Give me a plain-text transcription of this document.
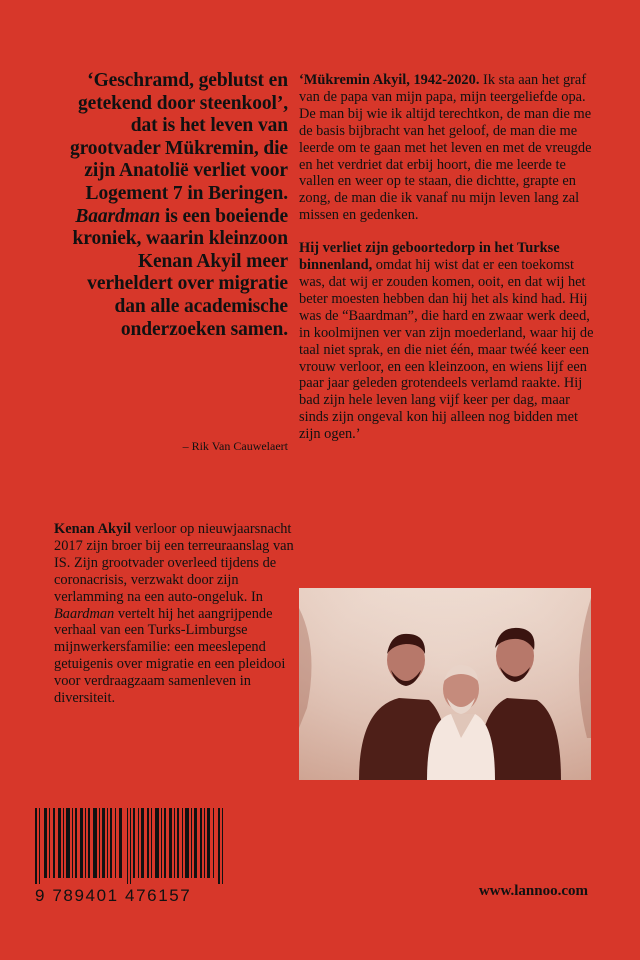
‘Geschramd, geblutst en getekend door steenkool’, dat is het leven van grootvader Mükremin, die zijn Anatolië verliet voor Logement 7 in Beringen. Baardman is een boeiende kroniek, waarin kleinzoon Kenan Akyil meer verheldert over migratie dan alle academische onderzoeken samen.
– Rik Van Cauwelaert
Kenan Akyil verloor op nieuwjaarsnacht 2017 zijn broer bij een terreuraanslag van IS. Zijn grootvader overleed tijdens de coronacrisis, verzwakt door zijn verlamming na een auto-ongeluk. In Baardman vertelt hij het aangrijpende verhaal van een Turks-Limburgse mijnwerkersfamilie: een meeslepend getuigenis over migratie en een pleidooi voor verdraagzaam samenleven in diversiteit.

‘Mükremin Akyil, 1942-2020. Ik sta aan het graf van de papa van mijn papa, mijn teergeliefde opa. De man bij wie ik altijd terechtkon, de man die me de basis bijbracht van het geloof, de man die me leerde om te gaan met het leven en met de vreugde en het verdriet dat erbij hoort, die me leerde te vallen en weer op te staan, die dichtte, grapte en zong, de man die ik vanaf nu mijn leven lang zal missen en gedenken.

Hij verliet zijn geboortedorp in het Turkse binnenland, omdat hij wist dat er een toekomst was, dat wij er zouden komen, ooit, en dat wij het beter moesten hebben dan hij het als kind had. Hij was de “Baardman”, die hard en zwaar werk deed, in koolmijnen ver van zijn moederland, waar hij de taal niet sprak, en die niet één, maar twéé keer een vrouw verloor, en een kleinzoon, en wiens lijf een paar jaar geleden grotendeels verlamd raakte. Hij bad zijn hele leven lang vijf keer per dag, maar sinds zijn ongeval kon hij alleen nog bidden met zijn ogen.’

9 789401 476157	www.lannoo.com
